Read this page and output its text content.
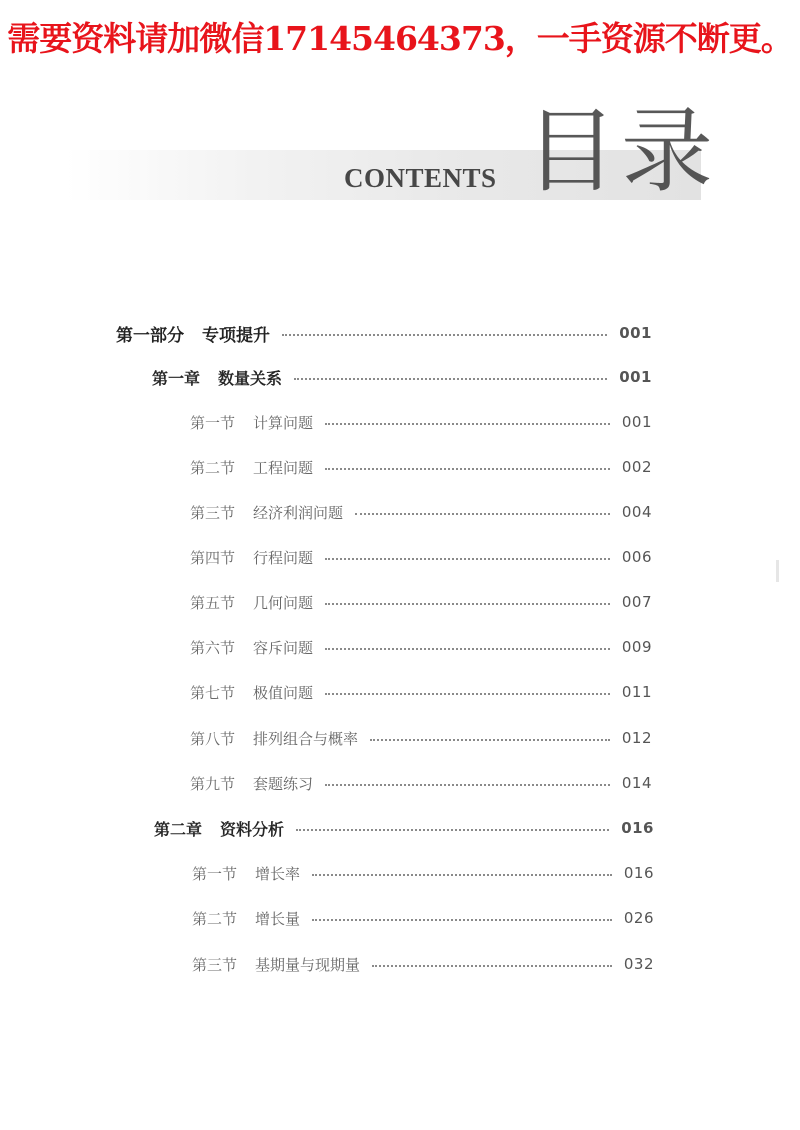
需要资料请加微信17145464373，一手资源不断更。
目录
CONTENTS
第一部分 专项提升	001
第一章 数量关系	001
第一节 计算问题	001
第二节 工程问题	002
第三节 经济利润问题	004
第四节 行程问题	006
第五节 几何问题	007
第六节 容斥问题	009
第七节 极值问题	011
第八节 排列组合与概率	012
第九节 套题练习	014
第二章 资料分析	016
第一节 增长率	016
第二节 增长量	026
第三节 基期量与现期量	032
